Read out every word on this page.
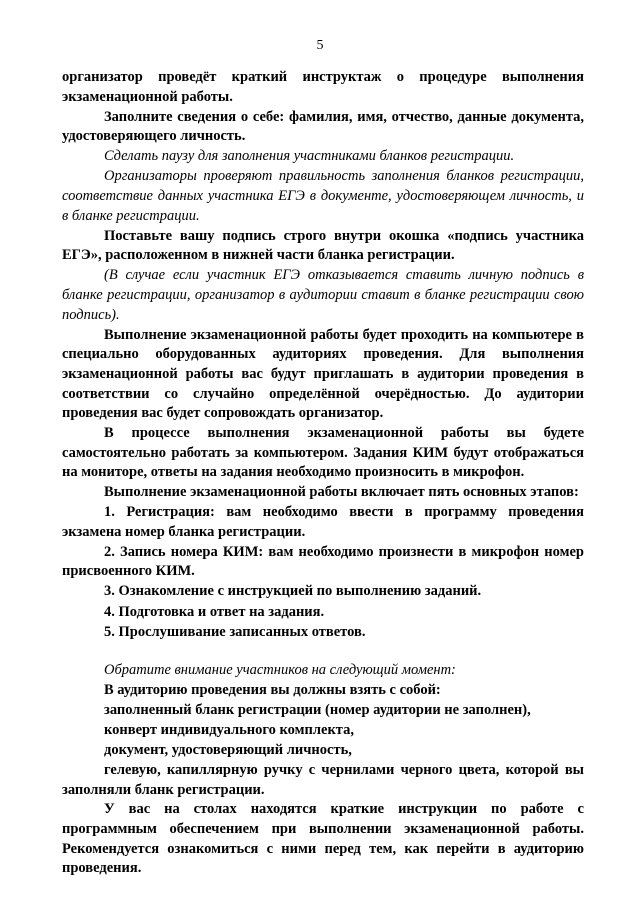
5

организатор проведёт краткий инструктаж о процедуре выполнения экзаменационной работы.

Заполните сведения о себе: фамилия, имя, отчество, данные документа, удостоверяющего личность.

Сделать паузу для заполнения участниками бланков регистрации.

Организаторы проверяют правильность заполнения бланков регистрации, соответствие данных участника ЕГЭ в документе, удостоверяющем личность, и в бланке регистрации.

Поставьте вашу подпись строго внутри окошка «подпись участника ЕГЭ», расположенном в нижней части бланка регистрации.

(В случае если участник ЕГЭ отказывается ставить личную подпись в бланке регистрации, организатор в аудитории ставит в бланке регистрации свою подпись).

Выполнение экзаменационной работы будет проходить на компьютере в специально оборудованных аудиториях проведения. Для выполнения экзаменационной работы вас будут приглашать в аудитории проведения в соответствии со случайно определённой очерёдностью. До аудитории проведения вас будет сопровождать организатор.

В процессе выполнения экзаменационной работы вы будете самостоятельно работать за компьютером. Задания КИМ будут отображаться на мониторе, ответы на задания необходимо произносить в микрофон.

Выполнение экзаменационной работы включает пять основных этапов:

1. Регистрация: вам необходимо ввести в программу проведения экзамена номер бланка регистрации.

2. Запись номера КИМ: вам необходимо произнести в микрофон номер присвоенного КИМ.

3. Ознакомление с инструкцией по выполнению заданий.

4. Подготовка и ответ на задания.

5. Прослушивание записанных ответов.

Обратите внимание участников на следующий момент:

В аудиторию проведения вы должны взять с собой:

заполненный бланк регистрации (номер аудитории не заполнен),

конверт индивидуального комплекта,

документ, удостоверяющий личность,

гелевую, капиллярную ручку с чернилами черного цвета, которой вы заполняли бланк регистрации.

У вас на столах находятся краткие инструкции по работе с программным обеспечением при выполнении экзаменационной работы. Рекомендуется ознакомиться с ними перед тем, как перейти в аудиторию проведения.
